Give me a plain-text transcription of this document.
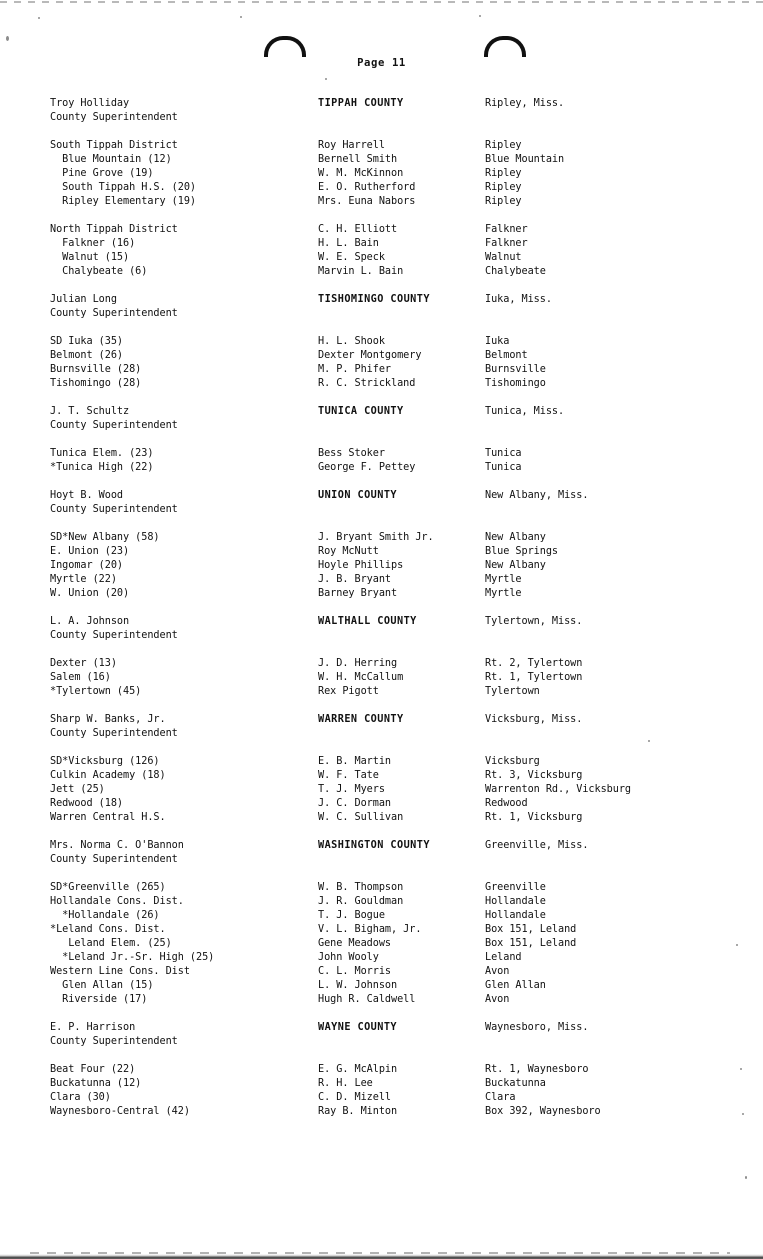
Page 11
Troy Holliday	TIPPAH COUNTY	Ripley, Miss.
County Superintendent
South Tippah District	Roy Harrell	Ripley
Blue Mountain (12)	Bernell Smith	Blue Mountain
Pine Grove (19)	W. M. McKinnon	Ripley
South Tippah H.S. (20)	E. O. Rutherford	Ripley
Ripley Elementary (19)	Mrs. Euna Nabors	Ripley
North Tippah District	C. H. Elliott	Falkner
Falkner (16)	H. L. Bain	Falkner
Walnut (15)	W. E. Speck	Walnut
Chalybeate (6)	Marvin L. Bain	Chalybeate
Julian Long	TISHOMINGO COUNTY	Iuka, Miss.
County Superintendent
SD Iuka (35)	H. L. Shook	Iuka
Belmont (26)	Dexter Montgomery	Belmont
Burnsville (28)	M. P. Phifer	Burnsville
Tishomingo (28)	R. C. Strickland	Tishomingo
J. T. Schultz	TUNICA COUNTY	Tunica, Miss.
County Superintendent
Tunica Elem. (23)	Bess Stoker	Tunica
*Tunica High (22)	George F. Pettey	Tunica
Hoyt B. Wood	UNION COUNTY	New Albany, Miss.
County Superintendent
SD*New Albany (58)	J. Bryant Smith Jr.	New Albany
E. Union (23)	Roy McNutt	Blue Springs
Ingomar (20)	Hoyle Phillips	New Albany
Myrtle (22)	J. B. Bryant	Myrtle
W. Union (20)	Barney Bryant	Myrtle
L. A. Johnson	WALTHALL COUNTY	Tylertown, Miss.
County Superintendent
Dexter (13)	J. D. Herring	Rt. 2, Tylertown
Salem (16)	W. H. McCallum	Rt. 1, Tylertown
*Tylertown (45)	Rex Pigott	Tylertown
Sharp W. Banks, Jr.	WARREN COUNTY	Vicksburg, Miss.
County Superintendent
SD*Vicksburg (126)	E. B. Martin	Vicksburg
Culkin Academy (18)	W. F. Tate	Rt. 3, Vicksburg
Jett (25)	T. J. Myers	Warrenton Rd., Vicksburg
Redwood (18)	J. C. Dorman	Redwood
Warren Central H.S.	W. C. Sullivan	Rt. 1, Vicksburg
Mrs. Norma C. O'Bannon	WASHINGTON COUNTY	Greenville, Miss.
County Superintendent
SD*Greenville (265)	W. B. Thompson	Greenville
Hollandale Cons. Dist.	J. R. Gouldman	Hollandale
*Hollandale (26)	T. J. Bogue	Hollandale
*Leland Cons. Dist.	V. L. Bigham, Jr.	Box 151, Leland
Leland Elem. (25)	Gene Meadows	Box 151, Leland
*Leland Jr.-Sr. High (25)	John Wooly	Leland
Western Line Cons. Dist	C. L. Morris	Avon
Glen Allan (15)	L. W. Johnson	Glen Allan
Riverside (17)	Hugh R. Caldwell	Avon
E. P. Harrison	WAYNE COUNTY	Waynesboro, Miss.
County Superintendent
Beat Four (22)	E. G. McAlpin	Rt. 1, Waynesboro
Buckatunna (12)	R. H. Lee	Buckatunna
Clara (30)	C. D. Mizell	Clara
Waynesboro-Central (42)	Ray B. Minton	Box 392, Waynesboro
